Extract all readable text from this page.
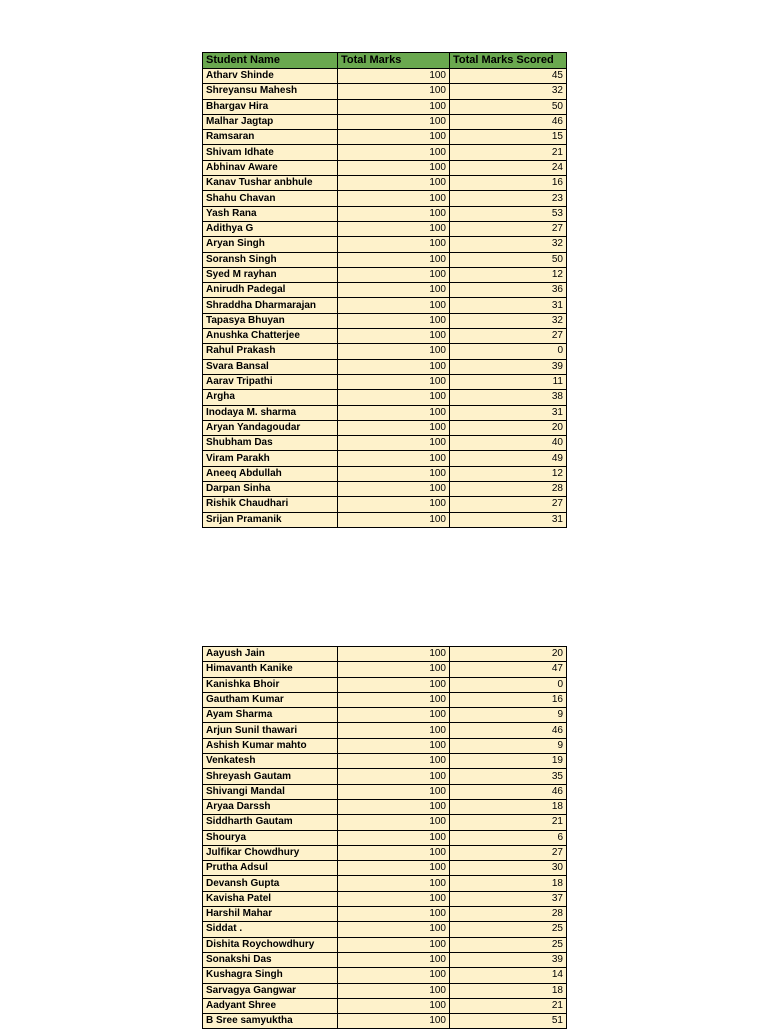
Student Name	Total Marks	Total Marks Scored
Atharv Shinde	100	45
Shreyansu Mahesh	100	32
Bhargav Hira	100	50
Malhar Jagtap	100	46
Ramsaran	100	15
Shivam Idhate	100	21
Abhinav Aware	100	24
Kanav Tushar anbhule	100	16
Shahu Chavan	100	23
Yash Rana	100	53
Adithya G	100	27
Aryan Singh	100	32
Soransh Singh	100	50
Syed M rayhan	100	12
Anirudh Padegal	100	36
Shraddha Dharmarajan	100	31
Tapasya Bhuyan	100	32
Anushka Chatterjee	100	27
Rahul Prakash	100	0
Svara Bansal	100	39
Aarav Tripathi	100	11
Argha	100	38
Inodaya M. sharma	100	31
Aryan Yandagoudar	100	20
Shubham Das	100	40
Viram Parakh	100	49
Aneeq Abdullah	100	12
Darpan Sinha	100	28
Rishik Chaudhari	100	27
Srijan Pramanik	100	31
Aayush Jain	100	20
Himavanth Kanike	100	47
Kanishka Bhoir	100	0
Gautham Kumar	100	16
Ayam Sharma	100	9
Arjun Sunil thawari	100	46
Ashish Kumar mahto	100	9
Venkatesh	100	19
Shreyash Gautam	100	35
Shivangi Mandal	100	46
Aryaa Darssh	100	18
Siddharth Gautam	100	21
Shourya	100	6
Julfikar Chowdhury	100	27
Prutha Adsul	100	30
Devansh Gupta	100	18
Kavisha Patel	100	37
Harshil Mahar	100	28
Siddat .	100	25
Dishita Roychowdhury	100	25
Sonakshi Das	100	39
Kushagra Singh	100	14
Sarvagya Gangwar	100	18
Aadyant Shree	100	21
B Sree samyuktha	100	51
